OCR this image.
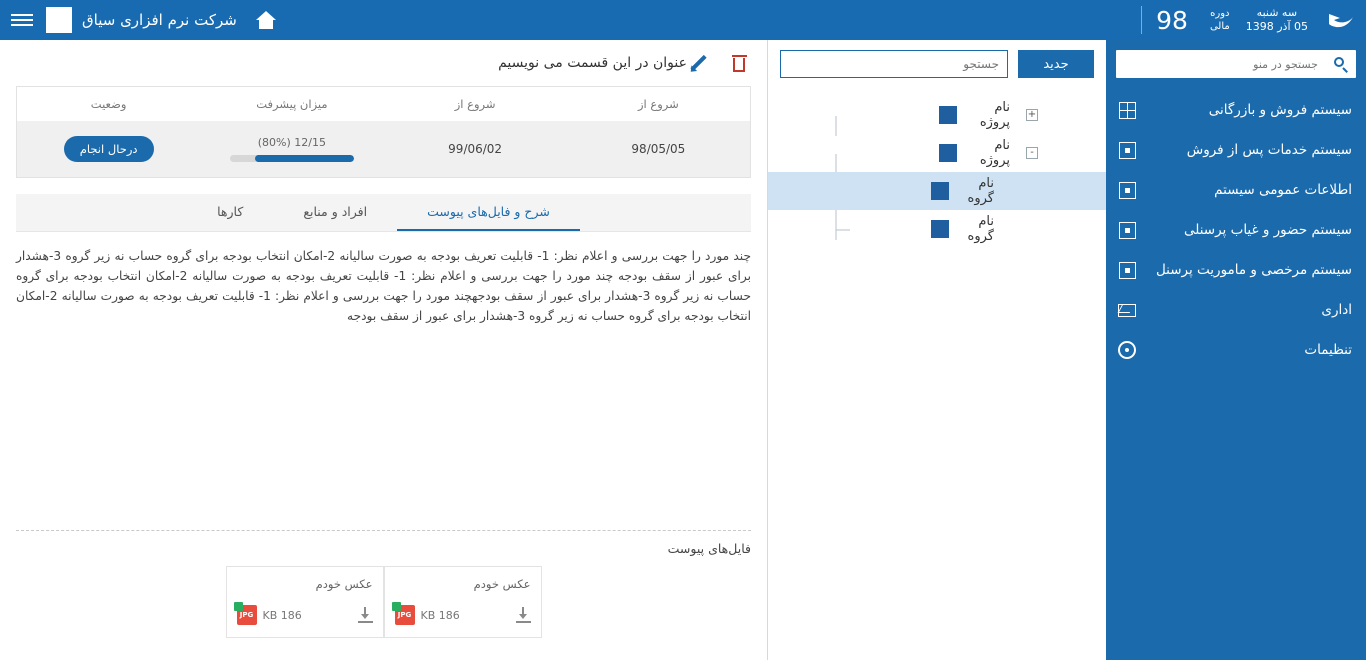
سه شنبه
05 آذر 1398
دوره
مالی
98
شرکت نرم افزاری سیاق
جستجو در منو
سیستم فروش و بازرگانی
سیستم خدمات پس از فروش
اطلاعات عمومی سیستم
سیستم حضور و غیاب پرسنلی
سیستم مرخصی و ماموریت پرسنل
اداری
تنظیمات
جدید
جستجو
+
نام پروژه
-
نام پروژه
نام گروه
نام گروه
عنوان در این قسمت می نویسیم
شروع از
شروع از
میزان پیشرفت
وضعیت
98/05/05
99/06/02
12/15 (80%)
درحال انجام
کارها	افراد و منابع	شرح و فایل‌های پیوست
چند مورد را جهت بررسی و اعلام نظر: 1- قابلیت تعریف بودجه به صورت سالیانه 2-امکان انتخاب بودجه برای گروه حساب نه زیر گروه 3-هشدار برای عبور از سقف بودجه چند مورد را جهت بررسی و اعلام نظر: 1- قابلیت تعریف بودجه به صورت سالیانه 2-امکان انتخاب بودجه برای گروه حساب نه زیر گروه 3-هشدار برای عبور از سقف بودجهچند مورد را جهت بررسی و اعلام نظر: 1- قابلیت تعریف بودجه به صورت سالیانه 2-امکان انتخاب بودجه برای گروه حساب نه زیر گروه 3-هشدار برای عبور از سقف بودجه
فایل‌های پیوست
عکس خودم
JPG 186 KB
عکس خودم
JPG 186 KB
